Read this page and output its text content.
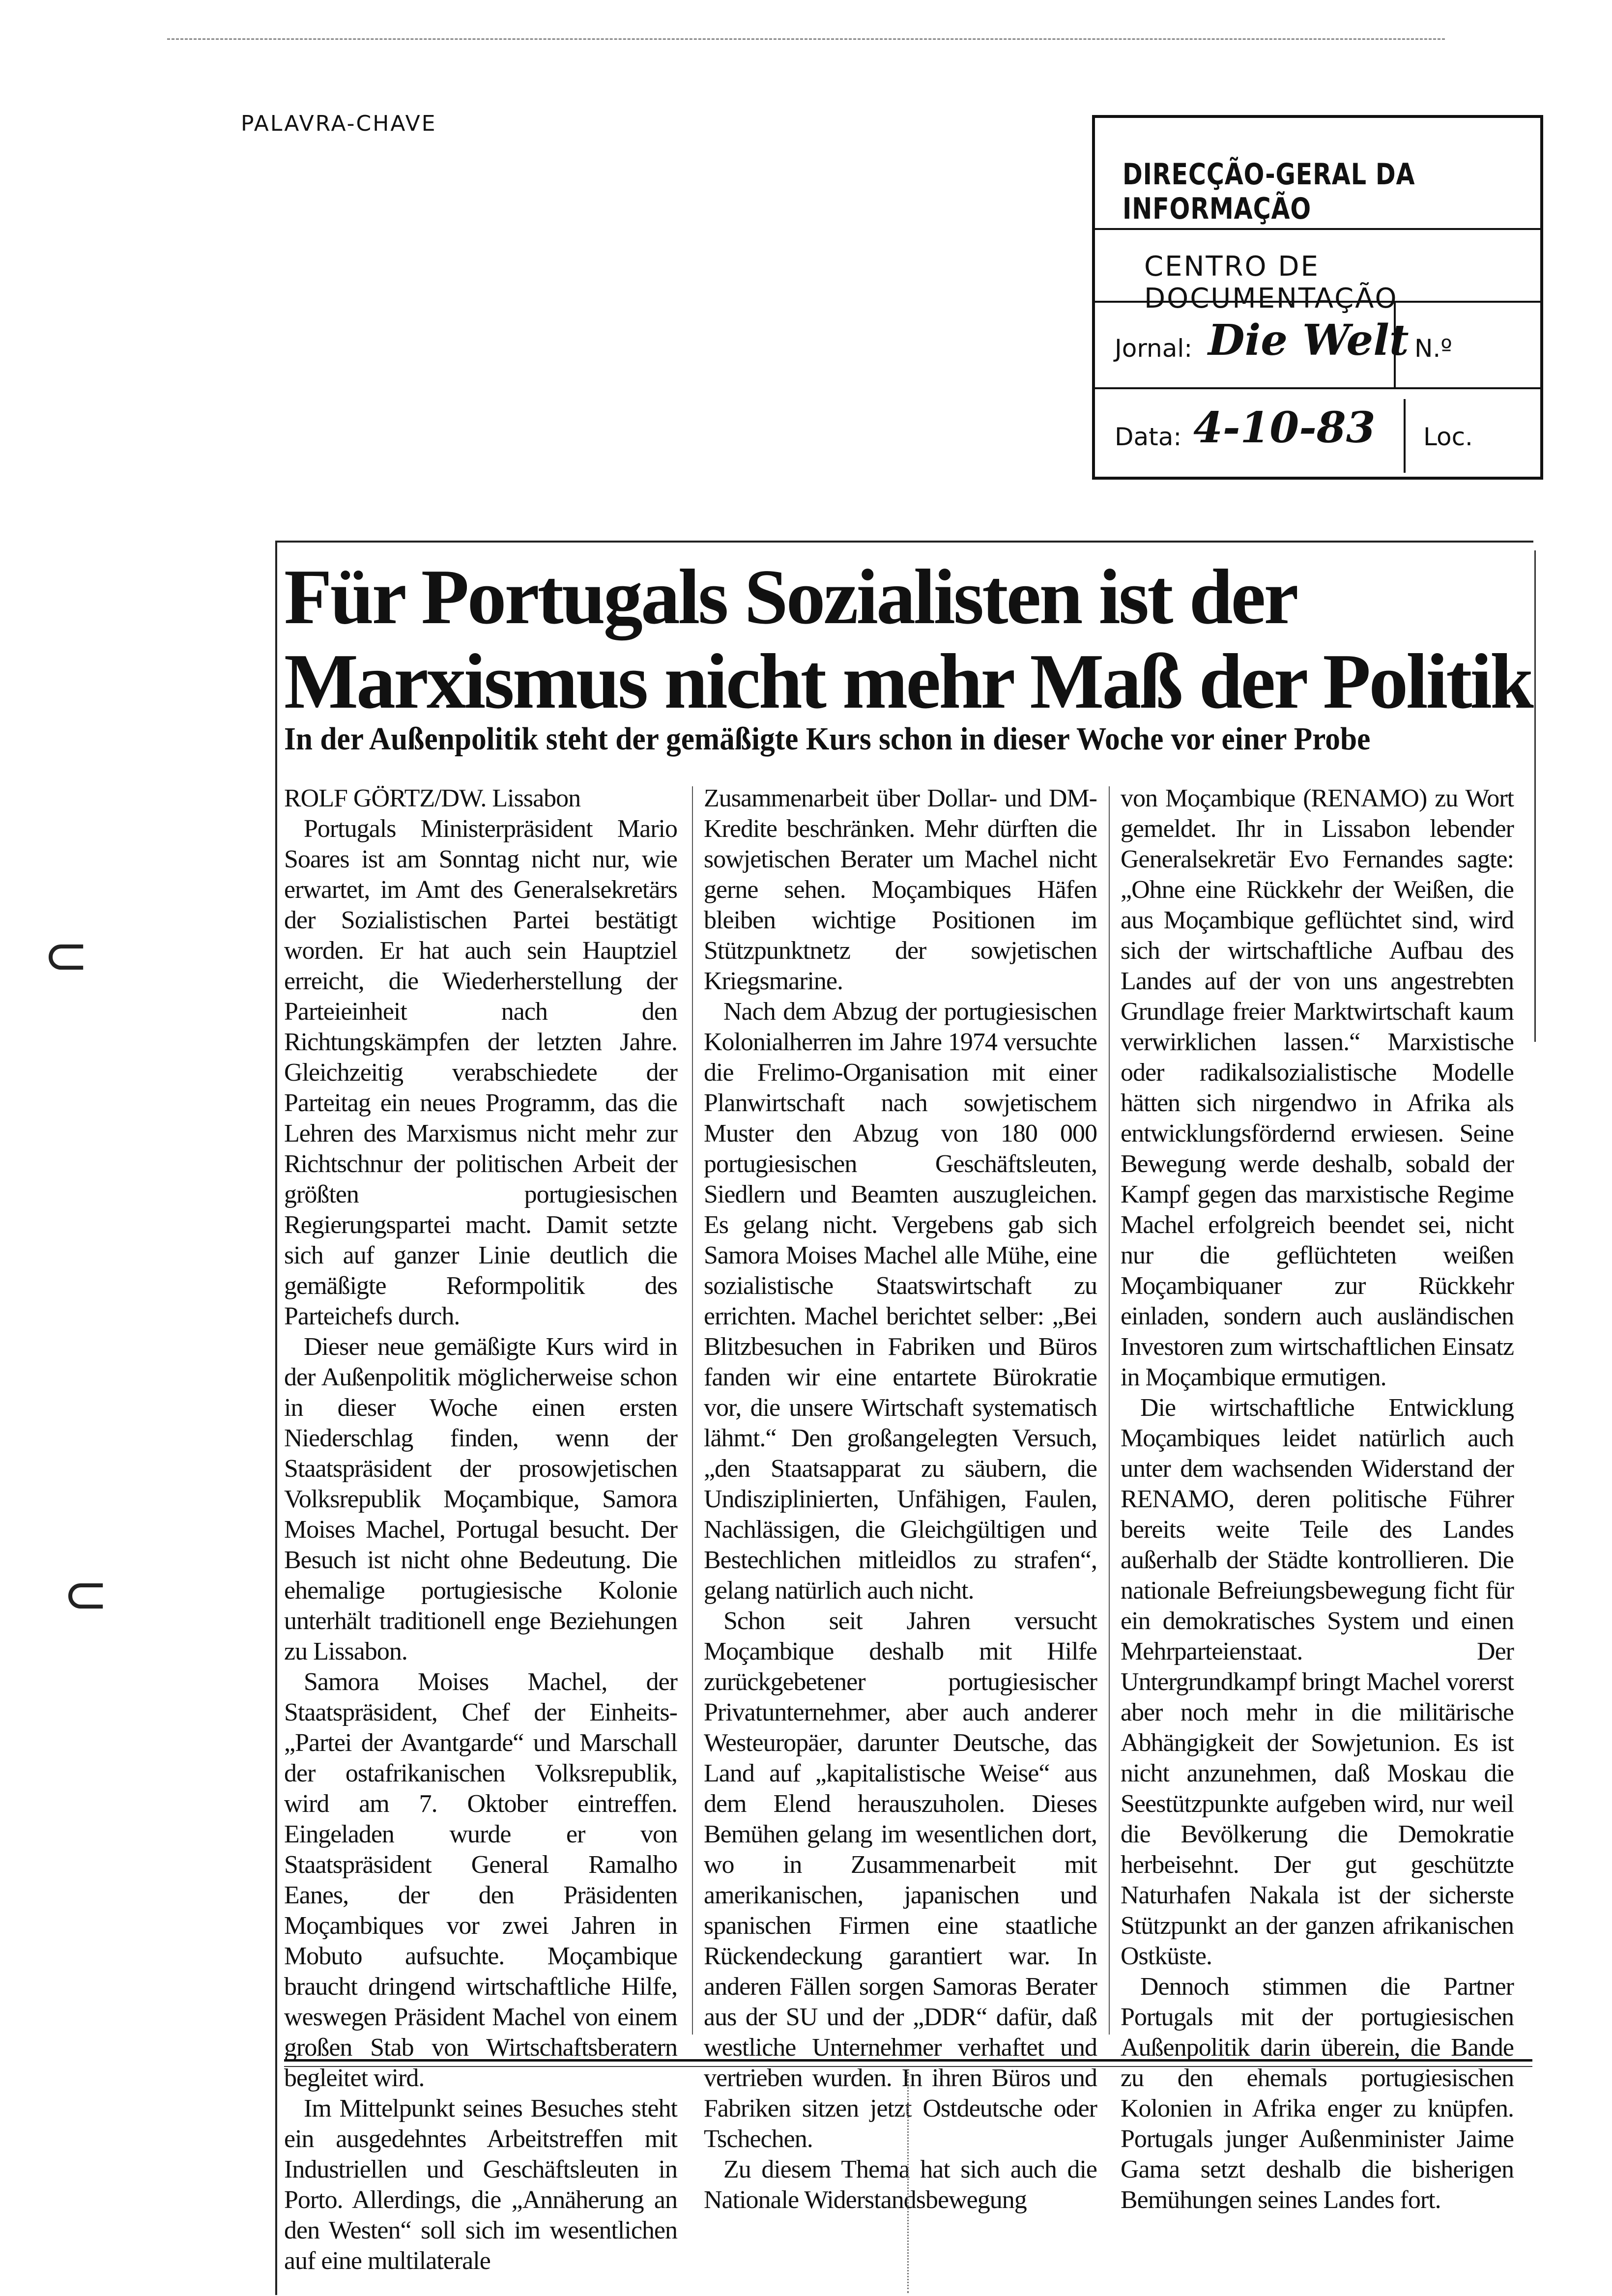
PALAVRA-CHAVE
DIRECÇÃO-GERAL DA INFORMAÇÃO
CENTRO DE DOCUMENTAÇÃO
Jornal: Die Welt N.º
Data: 4-10-83 Loc.
Für Portugals Sozialisten ist der
Marxismus nicht mehr Maß der Politik
In der Außenpolitik steht der gemäßigte Kurs schon in dieser Woche vor einer Probe

ROLF GÖRTZ/DW. Lissabon

Portugals Ministerpräsident Mario Soares ist am Sonntag nicht nur, wie erwartet, im Amt des Generalsekretärs der Sozialistischen Partei bestätigt worden. Er hat auch sein Hauptziel erreicht, die Wiederherstellung der Parteieinheit nach den Richtungskämpfen der letzten Jahre. Gleichzeitig verabschiedete der Parteitag ein neues Programm, das die Lehren des Marxismus nicht mehr zur Richtschnur der politischen Arbeit der größten portugiesischen Regierungspartei macht. Damit setzte sich auf ganzer Linie deutlich die gemäßigte Reformpolitik des Parteichefs durch.

Dieser neue gemäßigte Kurs wird in der Außenpolitik möglicherweise schon in dieser Woche einen ersten Niederschlag finden, wenn der Staatspräsident der prosowjetischen Volksrepublik Moçambique, Samora Moises Machel, Portugal besucht. Der Besuch ist nicht ohne Bedeutung. Die ehemalige portugiesische Kolonie unterhält traditionell enge Beziehungen zu Lissabon.

Samora Moises Machel, der Staatspräsident, Chef der Einheits-„Partei der Avantgarde“ und Marschall der ostafrikanischen Volksrepublik, wird am 7. Oktober eintreffen. Eingeladen wurde er von Staatspräsident General Ramalho Eanes, der den Präsidenten Moçambiques vor zwei Jahren in Mobuto aufsuchte. Moçambique braucht dringend wirtschaftliche Hilfe, weswegen Präsident Machel von einem großen Stab von Wirtschaftsberatern begleitet wird.

Im Mittelpunkt seines Besuches steht ein ausgedehntes Arbeitstreffen mit Industriellen und Geschäftsleuten in Porto. Allerdings, die „Annäherung an den Westen“ soll sich im wesentlichen auf eine multilaterale

Zusammenarbeit über Dollar- und DM-Kredite beschränken. Mehr dürften die sowjetischen Berater um Machel nicht gerne sehen. Moçambiques Häfen bleiben wichtige Positionen im Stützpunktnetz der sowjetischen Kriegsmarine.

Nach dem Abzug der portugiesischen Kolonialherren im Jahre 1974 versuchte die Frelimo-Organisation mit einer Planwirtschaft nach sowjetischem Muster den Abzug von 180 000 portugiesischen Geschäftsleuten, Siedlern und Beamten auszugleichen. Es gelang nicht. Vergebens gab sich Samora Moises Machel alle Mühe, eine sozialistische Staatswirtschaft zu errichten. Machel berichtet selber: „Bei Blitzbesuchen in Fabriken und Büros fanden wir eine entartete Bürokratie vor, die unsere Wirtschaft systematisch lähmt.“ Den großangelegten Versuch, „den Staatsapparat zu säubern, die Undisziplinierten, Unfähigen, Faulen, Nachlässigen, die Gleichgültigen und Bestechlichen mitleidlos zu strafen“, gelang natürlich auch nicht.

Schon seit Jahren versucht Moçambique deshalb mit Hilfe zurückgebetener portugiesischer Privatunternehmer, aber auch anderer Westeuropäer, darunter Deutsche, das Land auf „kapitalistische Weise“ aus dem Elend herauszuholen. Dieses Bemühen gelang im wesentlichen dort, wo in Zusammenarbeit mit amerikanischen, japanischen und spanischen Firmen eine staatliche Rückendeckung garantiert war. In anderen Fällen sorgen Samoras Berater aus der SU und der „DDR“ dafür, daß westliche Unternehmer verhaftet und vertrieben wurden. In ihren Büros und Fabriken sitzen jetzt Ostdeutsche oder Tschechen.

Zu diesem Thema hat sich auch die Nationale Widerstandsbewegung

von Moçambique (RENAMO) zu Wort gemeldet. Ihr in Lissabon lebender Generalsekretär Evo Fernandes sagte: „Ohne eine Rückkehr der Weißen, die aus Moçambique geflüchtet sind, wird sich der wirtschaftliche Aufbau des Landes auf der von uns angestrebten Grundlage freier Marktwirtschaft kaum verwirklichen lassen.“ Marxistische oder radikalsozialistische Modelle hätten sich nirgendwo in Afrika als entwicklungsfördernd erwiesen. Seine Bewegung werde deshalb, sobald der Kampf gegen das marxistische Regime Machel erfolgreich beendet sei, nicht nur die geflüchteten weißen Moçambiquaner zur Rückkehr einladen, sondern auch ausländischen Investoren zum wirtschaftlichen Einsatz in Moçambique ermutigen.

Die wirtschaftliche Entwicklung Moçambiques leidet natürlich auch unter dem wachsenden Widerstand der RENAMO, deren politische Führer bereits weite Teile des Landes außerhalb der Städte kontrollieren. Die nationale Befreiungsbewegung ficht für ein demokratisches System und einen Mehrparteienstaat. Der Untergrundkampf bringt Machel vorerst aber noch mehr in die militärische Abhängigkeit der Sowjetunion. Es ist nicht anzunehmen, daß Moskau die Seestützpunkte aufgeben wird, nur weil die Bevölkerung die Demokratie herbeisehnt. Der gut geschützte Naturhafen Nakala ist der sicherste Stützpunkt an der ganzen afrikanischen Ostküste.

Dennoch stimmen die Partner Portugals mit der portugiesischen Außenpolitik darin überein, die Bande zu den ehemals portugiesischen Kolonien in Afrika enger zu knüpfen. Portugals junger Außenminister Jaime Gama setzt deshalb die bisherigen Bemühungen seines Landes fort.

⊂
⊂
